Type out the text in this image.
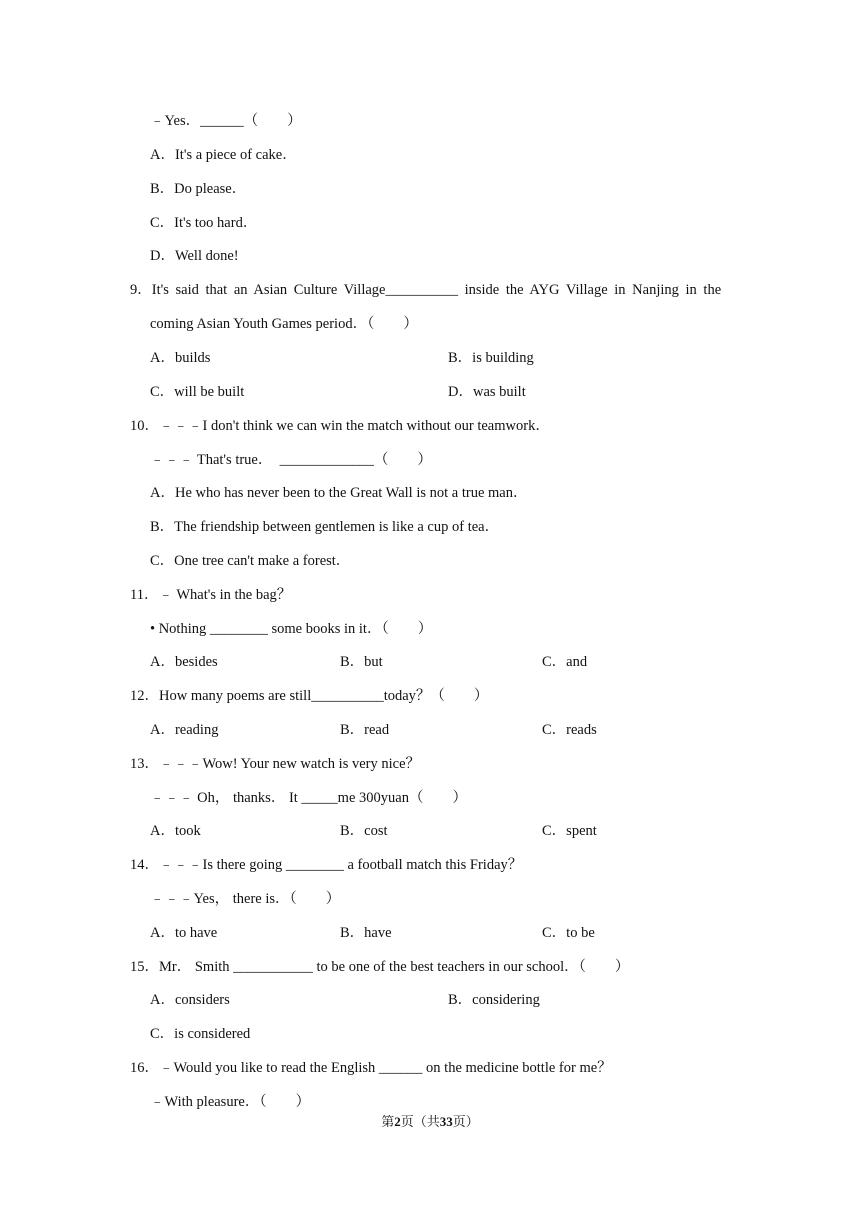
﹣Yes．______（　　）
A．It's a piece of cake．
B．Do please．
C．It's too hard．
D．Well done!
9．It's said that an Asian Culture Village__________ inside the AYG Village in Nanjing in the
coming Asian Youth Games period．（　　）
A．builds	B．is building
C．will be built	D．was built
10．﹣﹣﹣I don't think we can win the match without our teamwork．
﹣﹣﹣ That's true．  _____________（　　）
A．He who has never been to the Great Wall is not a true man．
B．The friendship between gentlemen is like a cup of tea．
C．One tree can't make a forest．
11．﹣ What's in the bag？
• Nothing ________ some books in it．（　　）
A．besides	B．but	C．and
12．How many poems are still__________today？（　　）
A．reading	B．read	C．reads
13．﹣﹣﹣Wow! Your new watch is very nice？
﹣﹣﹣ Oh， thanks． It _____me 300yuan（　　）
A．took	B．cost	C．spent
14．﹣﹣﹣Is there going ________ a football match this Friday？
﹣﹣﹣Yes， there is．（　　）
A．to have	B．have	C．to be
15．Mr． Smith ___________ to be one of the best teachers in our school．（　　）
A．considers	B．considering
C．is considered
16．﹣Would you like to read the English ______ on the medicine bottle for me？
﹣With pleasure．（　　）
第2页（共33页）
